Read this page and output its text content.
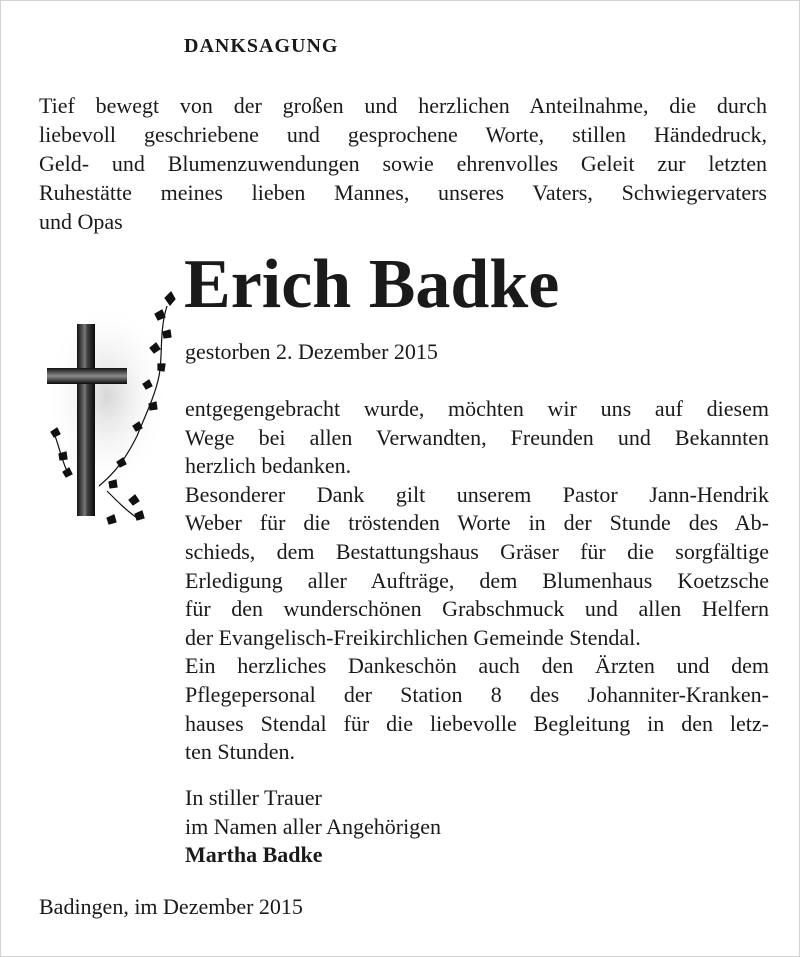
DANKSAGUNG
Tief bewegt von der großen und herzlichen Anteilnahme, die durch
liebevoll geschriebene und gesprochene Worte, stillen Händedruck,
Geld- und Blumenzuwendungen sowie ehrenvolles Geleit zur letzten
Ruhestätte meines lieben Mannes, unseres Vaters, Schwiegervaters
und Opas
Erich Badke
gestorben 2. Dezember 2015
entgegengebracht wurde, möchten wir uns auf diesem
Wege bei allen Verwandten, Freunden und Bekannten
herzlich bedanken.
Besonderer Dank gilt unserem Pastor Jann-Hendrik
Weber für die tröstenden Worte in der Stunde des Ab-
schieds, dem Bestattungshaus Gräser für die sorgfältige
Erledigung aller Aufträge, dem Blumenhaus Koetzsche
für den wunderschönen Grabschmuck und allen Helfern
der Evangelisch-Freikirchlichen Gemeinde Stendal.
Ein herzliches Dankeschön auch den Ärzten und dem
Pflegepersonal der Station 8 des Johanniter-Kranken-
hauses Stendal für die liebevolle Begleitung in den letz-
ten Stunden.
In stiller Trauer
im Namen aller Angehörigen
Martha Badke
Badingen, im Dezember 2015
